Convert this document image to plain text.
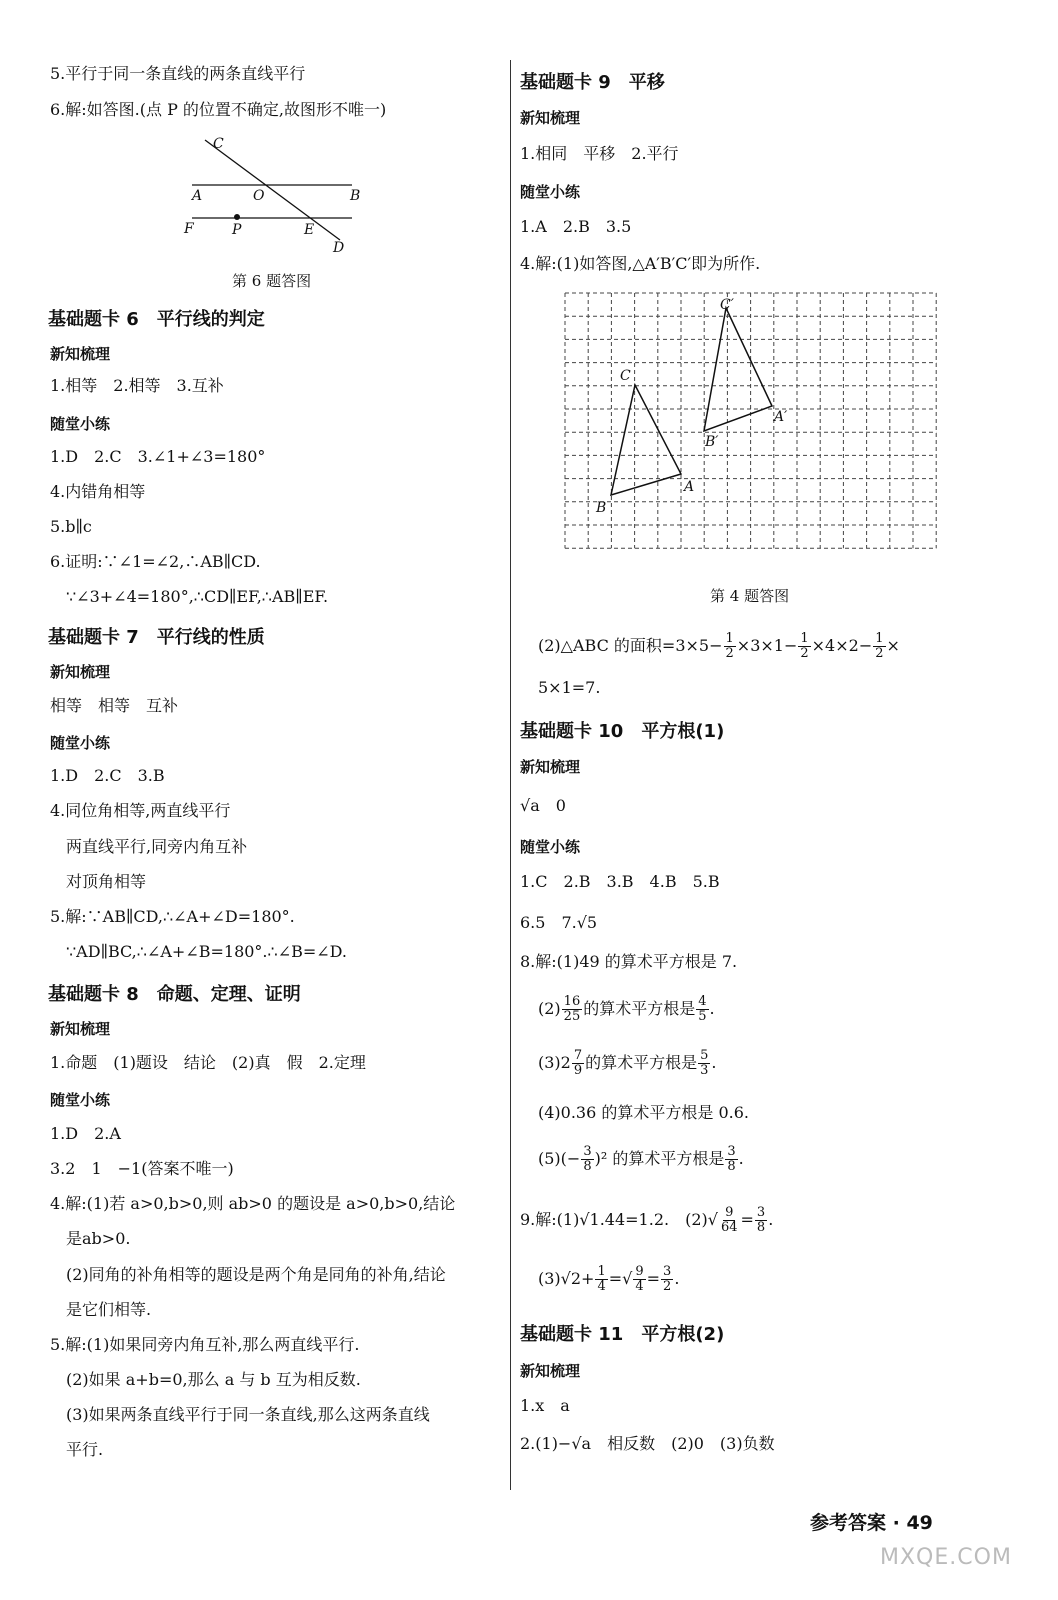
5.平行于同一条直线的两条直线平行
6.解:如答图.(点 P 的位置不确定,故图形不唯一)
C
A	O	B
F	P	E
D
第 6 题答图
基础题卡 6　平行线的判定
新知梳理
1.相等　2.相等　3.互补
随堂小练
1.D　2.C　3.∠1+∠3=180°
4.内错角相等
5.b∥c
6.证明:∵∠1=∠2,∴AB∥CD.
∵∠3+∠4=180°,∴CD∥EF,∴AB∥EF.
基础题卡 7　平行线的性质
新知梳理
相等　相等　互补
随堂小练
1.D　2.C　3.B
4.同位角相等,两直线平行
两直线平行,同旁内角互补
对顶角相等
5.解:∵AB∥CD,∴∠A+∠D=180°.
∵AD∥BC,∴∠A+∠B=180°.∴∠B=∠D.
基础题卡 8　命题、定理、证明
新知梳理
1.命题　(1)题设　结论　(2)真　假　2.定理
随堂小练
1.D　2.A
3.2　1　−1(答案不唯一)
4.解:(1)若 a>0,b>0,则 ab>0 的题设是 a>0,b>0,结论
是ab>0.
(2)同角的补角相等的题设是两个角是同角的补角,结论
是它们相等.
5.解:(1)如果同旁内角互补,那么两直线平行.
(2)如果 a+b=0,那么 a 与 b 互为相反数.
(3)如果两条直线平行于同一条直线,那么这两条直线
平行.
基础题卡 9　平移
新知梳理
1.相同　平移　2.平行
随堂小练
1.A　2.B　3.5
4.解:(1)如答图,△A′B′C′即为所作.
C′
C
A′
B′
A
B
第 4 题答图
(2)△ABC 的面积$=3\times 5- \frac{1}{2} \times 3\times 1- \frac{1}{2} \times 4\times 2- \frac{1}{2}$ ×
5×1=7.
基础题卡 10　平方根(1)
新知梳理
√a　0
随堂小练
1.C　2.B　3.B　4.B　5.B
6.5　7.√5
8.解:(1)49 的算术平方根是 7.
$(2) \frac{16}{25}$ 的算术平方根是 $\frac{4}{5}$ .
$(3)2 \frac{7}{9}$ 的算术平方根是 $\frac{5}{3}$ .
(4)0.36 的算术平方根是 0.6.
$(5)(- \frac{3}{8} )^2$ 的算术平方根是 $\frac{3}{8}$ .
9.解:(1)√1.44=1.2.　$(2)√ \frac{9}{64} = \frac{3}{8}$ .
$(3)√2+ \frac{1}{4}$ =√ $\frac{9}{4} = \frac{3}{2}$ .
基础题卡 11　平方根(2)
新知梳理
1.x　a
2.(1)−√a　相反数　(2)0　(3)负数
参考答案 · 49
MXQE.COM
